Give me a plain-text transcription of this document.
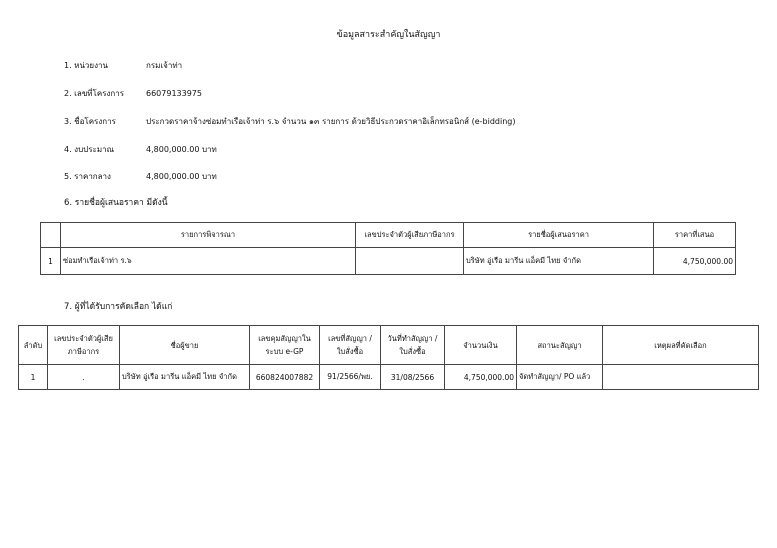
ข้อมูลสาระสำคัญในสัญญา
1. หน่วยงาน	กรมเจ้าท่า
2. เลขที่โครงการ	66079133975
3. ชื่อโครงการ	ประกวดราคาจ้างซ่อมทำเรือเจ้าท่า ร.๖ จำนวน ๑๓ รายการ ด้วยวิธีประกวดราคาอิเล็กทรอนิกส์ (e-bidding)
4. งบประมาณ	4,800,000.00 บาท
5. ราคากลาง	4,800,000.00 บาท
6. รายชื่อผู้เสนอราคา มีดังนี้
	รายการพิจารณา	เลขประจำตัวผู้เสียภาษีอากร	รายชื่อผู้เสนอราคา	ราคาที่เสนอ
1	ซ่อมทำเรือเจ้าท่า ร.๖		บริษัท อู่เรือ มารีน แอ็คมี ไทย จำกัด	4,750,000.00
7. ผู้ที่ได้รับการคัดเลือก ได้แก่
ลำดับ	เลขประจำตัวผู้เสียภาษีอากร	ชื่อผู้ขาย	เลขคุมสัญญาในระบบ e-GP	เลขที่สัญญา / ใบสั่งซื้อ	วันที่ทำสัญญา / ใบสั่งซื้อ	จำนวนเงิน	สถานะสัญญา	เหตุผลที่คัดเลือก
1	.	บริษัท อู่เรือ มารีน แอ็คมี ไทย จำกัด	660824007882	91/2566/พย.	31/08/2566	4,750,000.00	จัดทำสัญญา/ PO แล้ว	
